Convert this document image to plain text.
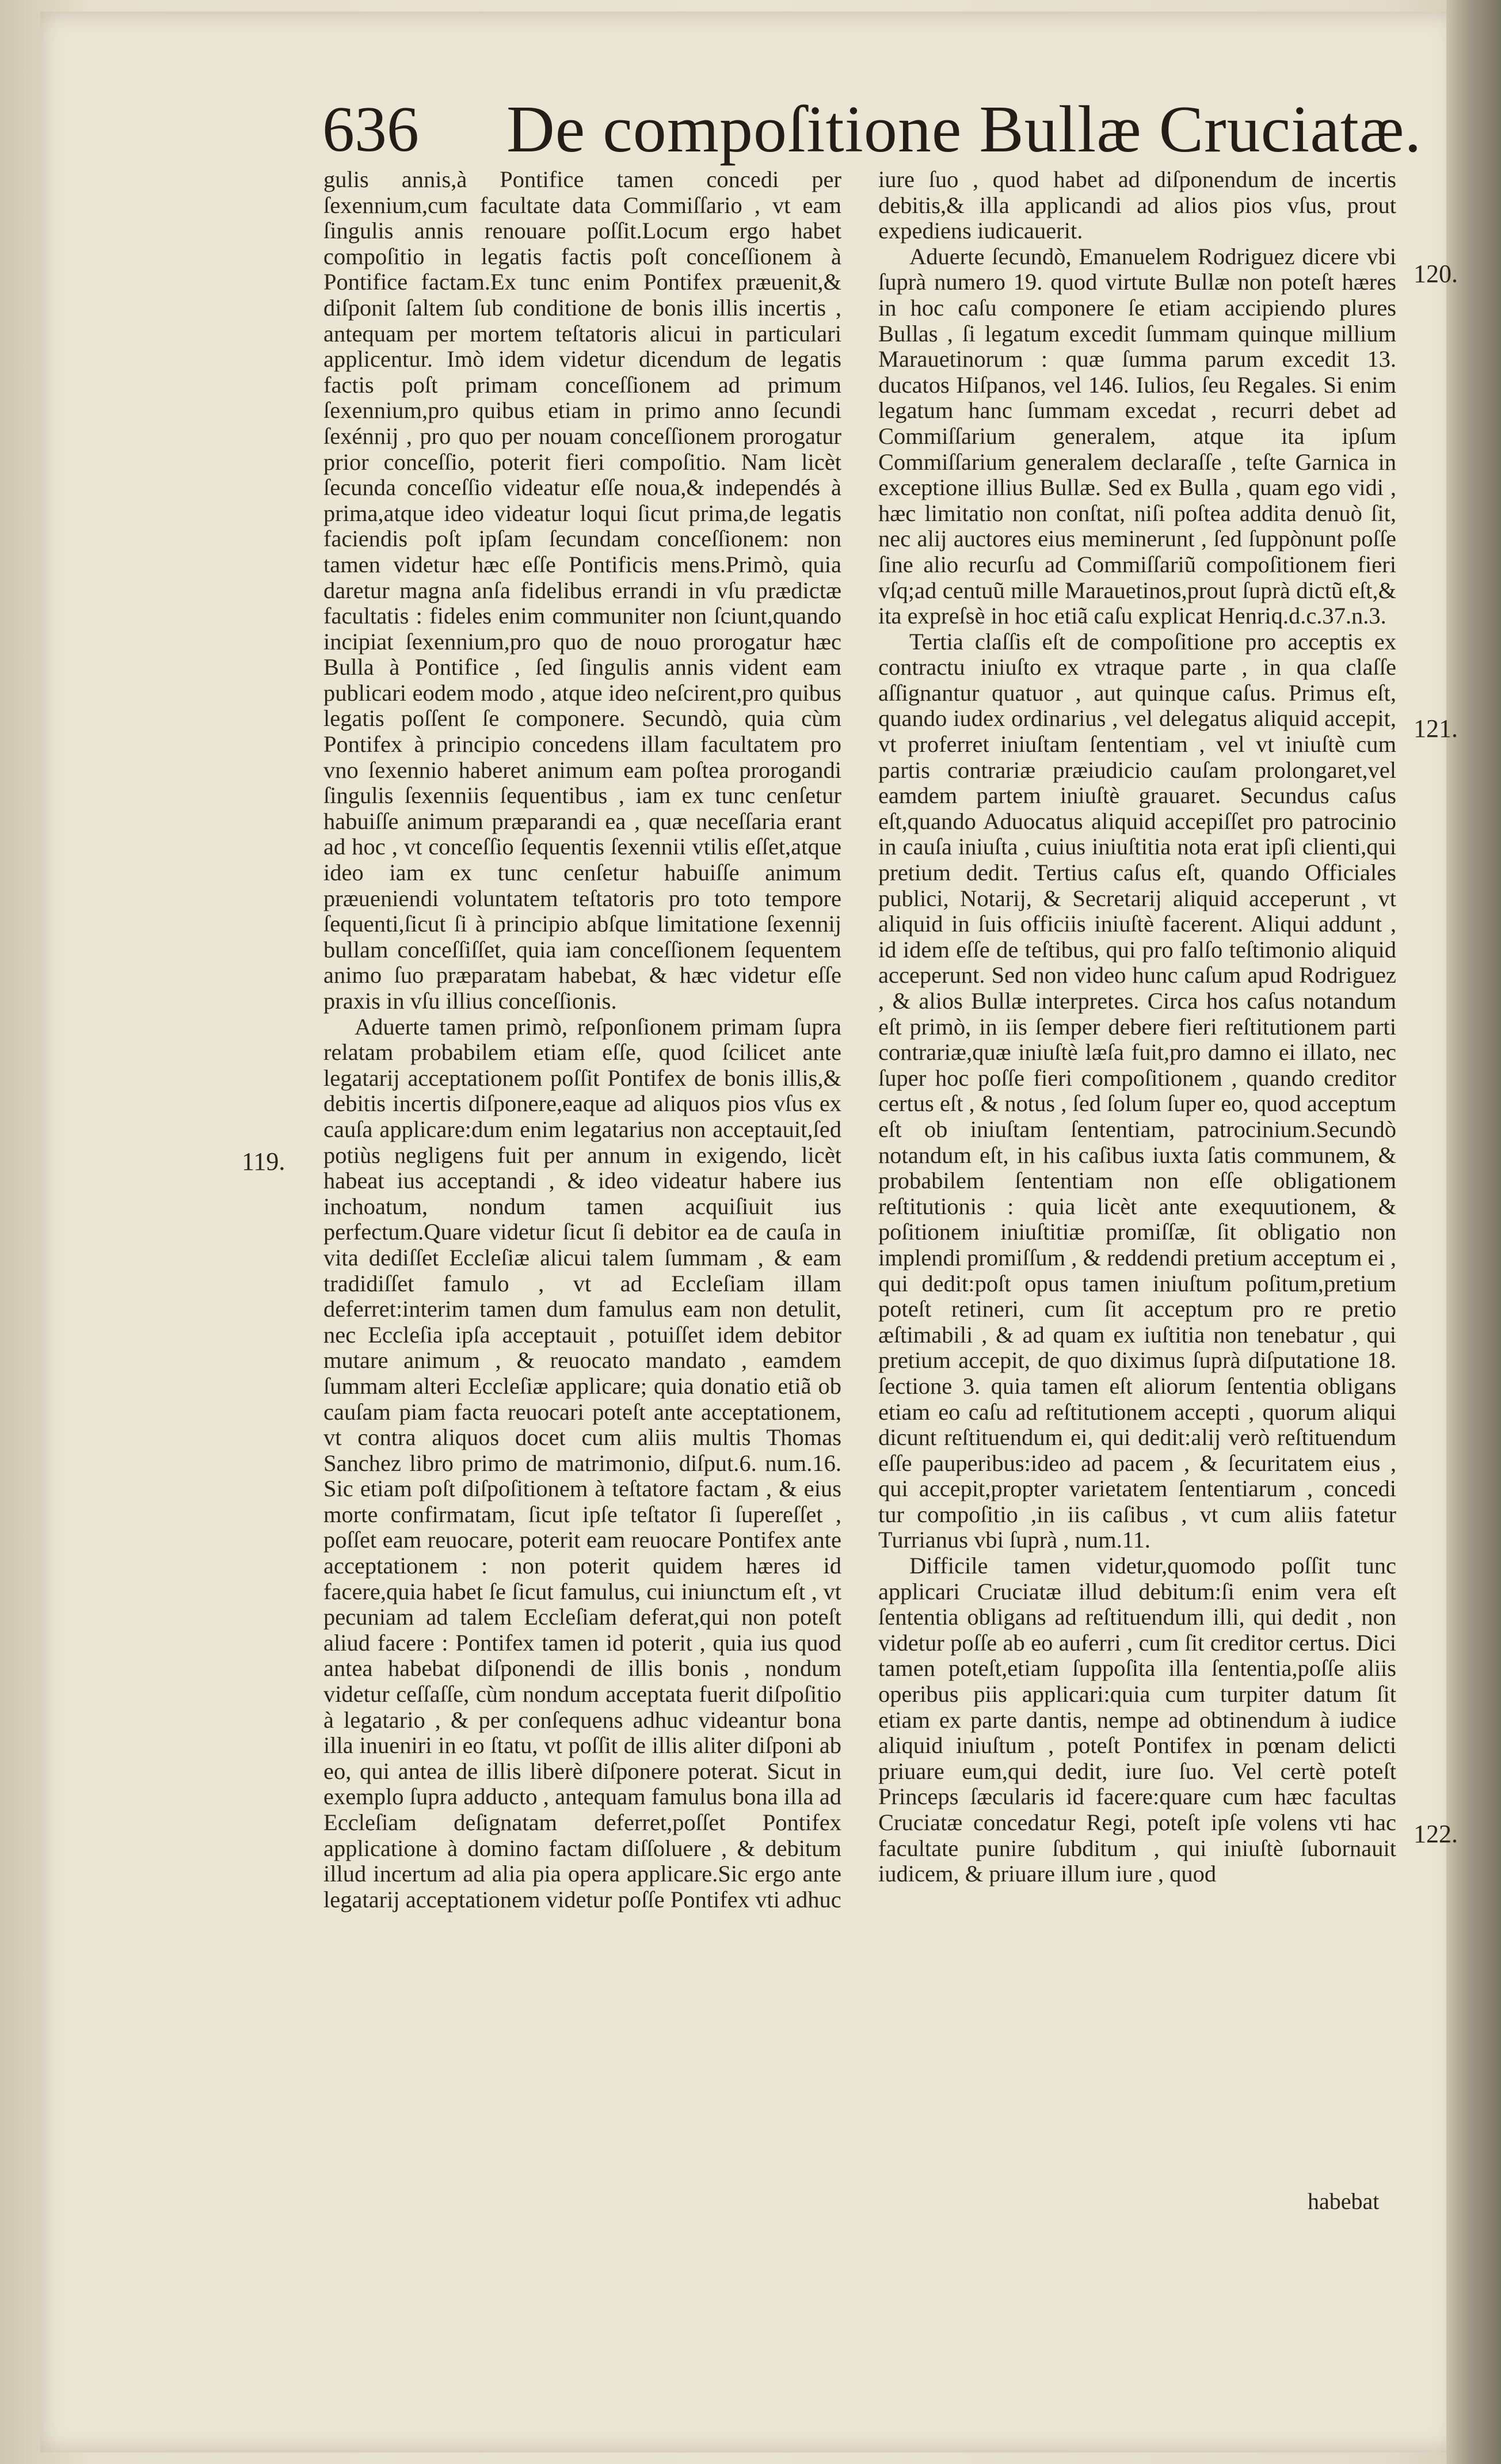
636 De compoſitione Bullæ Cruciatæ.

gulis annis,à Pontifice tamen concedi per ſexennium,cum facultate data Commiſſario , vt eam ſingulis annis renouare poſſit.Locum ergo habet compoſitio in legatis factis poſt conceſſionem à Pontifice factam.Ex tunc enim Pontifex præuenit,& diſponit ſaltem ſub conditione de bonis illis incertis , antequam per mortem teſtatoris alicui in particulari applicentur. Imò idem videtur dicendum de legatis factis poſt primam conceſſionem ad primum ſexennium,pro quibus etiam in primo anno ſecundi ſexénnij , pro quo per nouam conceſſionem prorogatur prior conceſſio, poterit fieri compoſitio. Nam licèt ſecunda conceſſio videatur eſſe noua,& independés à prima,atque ideo videatur loqui ſicut prima,de legatis faciendis poſt ipſam ſecundam conceſſionem: non tamen videtur hæc eſſe Pontificis mens.Primò, quia daretur magna anſa fidelibus errandi in vſu prædictæ facultatis : fideles enim communiter non ſciunt,quando incipiat ſexennium,pro quo de nouo prorogatur hæc Bulla à Pontifice , ſed ſingulis annis vident eam publicari eodem modo , atque ideo neſcirent,pro quibus legatis poſſent ſe componere. Secundò, quia cùm Pontifex à principio concedens illam facultatem pro vno ſexennio haberet animum eam poſtea prorogandi ſingulis ſexenniis ſequentibus , iam ex tunc cenſetur habuiſſe animum præparandi ea , quæ neceſſaria erant ad hoc , vt conceſſio ſequentis ſexennii vtilis eſſet,atque ideo iam ex tunc cenſetur habuiſſe animum præueniendi voluntatem teſtatoris pro toto tempore ſequenti,ſicut ſi à principio abſque limitatione ſexennij bullam conceſſiſſet, quia iam conceſſionem ſequentem animo ſuo præparatam habebat, & hæc videtur eſſe praxis in vſu illius conceſſionis.

Aduerte tamen primò, reſponſionem primam ſupra relatam probabilem etiam eſſe, quod ſcilicet ante legatarij acceptationem poſſit Pontifex de bonis illis,& debitis incertis diſponere,eaque ad aliquos pios vſus ex cauſa applicare:dum enim legatarius non acceptauit,ſed potiùs negligens fuit per annum in exigendo, licèt habeat ius acceptandi , & ideo videatur habere ius inchoatum, nondum tamen acquiſiuit ius perfectum.Quare videtur ſicut ſi debitor ea de cauſa in vita dediſſet Eccleſiæ alicui talem ſummam , & eam tradidiſſet famulo , vt ad Eccleſiam illam deferret:interim tamen dum famulus eam non detulit, nec Eccleſia ipſa acceptauit , potuiſſet idem debitor mutare animum , & reuocato mandato , eamdem ſummam alteri Eccleſiæ applicare; quia donatio etiã ob cauſam piam facta reuocari poteſt ante acceptationem, vt contra aliquos docet cum aliis multis Thomas Sanchez libro primo de matrimonio, diſput.6. num.16. Sic etiam poſt diſpoſitionem à teſtatore factam , & eius morte confirmatam, ſicut ipſe teſtator ſi ſupereſſet , poſſet eam reuocare, poterit eam reuocare Pontifex ante acceptationem : non poterit quidem hæres id facere,quia habet ſe ſicut famulus, cui iniunctum eſt , vt pecuniam ad talem Eccleſiam deferat,qui non poteſt aliud facere : Pontifex tamen id poterit , quia ius quod antea habebat diſponendi de illis bonis , nondum videtur ceſſaſſe, cùm nondum acceptata fuerit diſpoſitio à legatario , & per conſequens adhuc videantur bona illa inueniri in eo ſtatu, vt poſſit de illis aliter diſponi ab eo, qui antea de illis liberè diſponere poterat. Sicut in exemplo ſupra adducto , antequam famulus bona illa ad Eccleſiam deſignatam deferret,poſſet Pontifex applicatione à domino factam diſſoluere , & debitum illud incertum ad alia pia opera applicare.Sic ergo ante legatarij acceptationem videtur poſſe Pontifex vti adhuc

iure ſuo , quod habet ad diſponendum de incertis debitis,& illa applicandi ad alios pios vſus, prout expediens iudicauerit.

Aduerte ſecundò, Emanuelem Rodriguez dicere vbi ſuprà numero 19. quod virtute Bullæ non poteſt hæres in hoc caſu componere ſe etiam accipiendo plures Bullas , ſi legatum excedit ſummam quinque millium Marauetinorum : quæ ſumma parum excedit 13. ducatos Hiſpanos, vel 146. Iulios, ſeu Regales. Si enim legatum hanc ſummam excedat , recurri debet ad Commiſſarium generalem, atque ita ipſum Commiſſarium generalem declaraſſe , teſte Garnica in exceptione illius Bullæ. Sed ex Bulla , quam ego vidi , hæc limitatio non conſtat, niſi poſtea addita denuò ſit, nec alij auctores eius meminerunt , ſed ſuppònunt poſſe ſine alio recurſu ad Commiſſariũ compoſitionem fieri vſq;ad centuũ mille Marauetinos,prout ſuprà dictũ eſt,& ita expreſsè in hoc etiã caſu explicat Henriq.d.c.37.n.3.

Tertia claſſis eſt de compoſitione pro acceptis ex contractu iniuſto ex vtraque parte , in qua claſſe aſſignantur quatuor , aut quinque caſus. Primus eſt, quando iudex ordinarius , vel delegatus aliquid accepit, vt proferret iniuſtam ſententiam , vel vt iniuſtè cum partis contrariæ præiudicio cauſam prolongaret,vel eamdem partem iniuſtè grauaret. Secundus caſus eſt,quando Aduocatus aliquid accepiſſet pro patrocinio in cauſa iniuſta , cuius iniuſtitia nota erat ipſi clienti,qui pretium dedit. Tertius caſus eſt, quando Officiales publici, Notarij, & Secretarij aliquid acceperunt , vt aliquid in ſuis officiis iniuſtè facerent. Aliqui addunt , id idem eſſe de teſtibus, qui pro falſo teſtimonio aliquid acceperunt. Sed non video hunc caſum apud Rodriguez , & alios Bullæ interpretes. Circa hos caſus notandum eſt primò, in iis ſemper debere fieri reſtitutionem parti contrariæ,quæ iniuſtè læſa fuit,pro damno ei illato, nec ſuper hoc poſſe fieri compoſitionem , quando creditor certus eſt , & notus , ſed ſolum ſuper eo, quod acceptum eſt ob iniuſtam ſententiam, patrocinium.Secundò notandum eſt, in his caſibus iuxta ſatis communem, & probabilem ſententiam non eſſe obligationem reſtitutionis : quia licèt ante exequutionem, & poſitionem iniuſtitiæ promiſſæ, ſit obligatio non implendi promiſſum , & reddendi pretium acceptum ei , qui dedit:poſt opus tamen iniuſtum poſitum,pretium poteſt retineri, cum ſit acceptum pro re pretio æſtimabili , & ad quam ex iuſtitia non tenebatur , qui pretium accepit, de quo diximus ſuprà diſputatione 18. ſectione 3. quia tamen eſt aliorum ſententia obligans etiam eo caſu ad reſtitutionem accepti , quorum aliqui dicunt reſtituendum ei, qui dedit:alij verò reſtituendum eſſe pauperibus:ideo ad pacem , & ſecuritatem eius , qui accepit,propter varietatem ſententiarum , concedi tur compoſitio ,in iis caſibus , vt cum aliis fatetur Turrianus vbi ſuprà , num.11.

Difficile tamen videtur,quomodo poſſit tunc applicari Cruciatæ illud debitum:ſi enim vera eſt ſententia obligans ad reſtituendum illi, qui dedit , non videtur poſſe ab eo auferri , cum ſit creditor certus. Dici tamen poteſt,etiam ſuppoſita illa ſententia,poſſe aliis operibus piis applicari:quia cum turpiter datum ſit etiam ex parte dantis, nempe ad obtinendum à iudice aliquid iniuſtum , poteſt Pontifex in pœnam delicti priuare eum,qui dedit, iure ſuo. Vel certè poteſt Princeps ſæcularis id facere:quare cum hæc facultas Cruciatæ concedatur Regi, poteſt ipſe volens vti hac facultate punire ſubditum , qui iniuſtè ſubornauit iudicem, & priuare illum iure , quod

119.
120.
121.
122.
habebat
